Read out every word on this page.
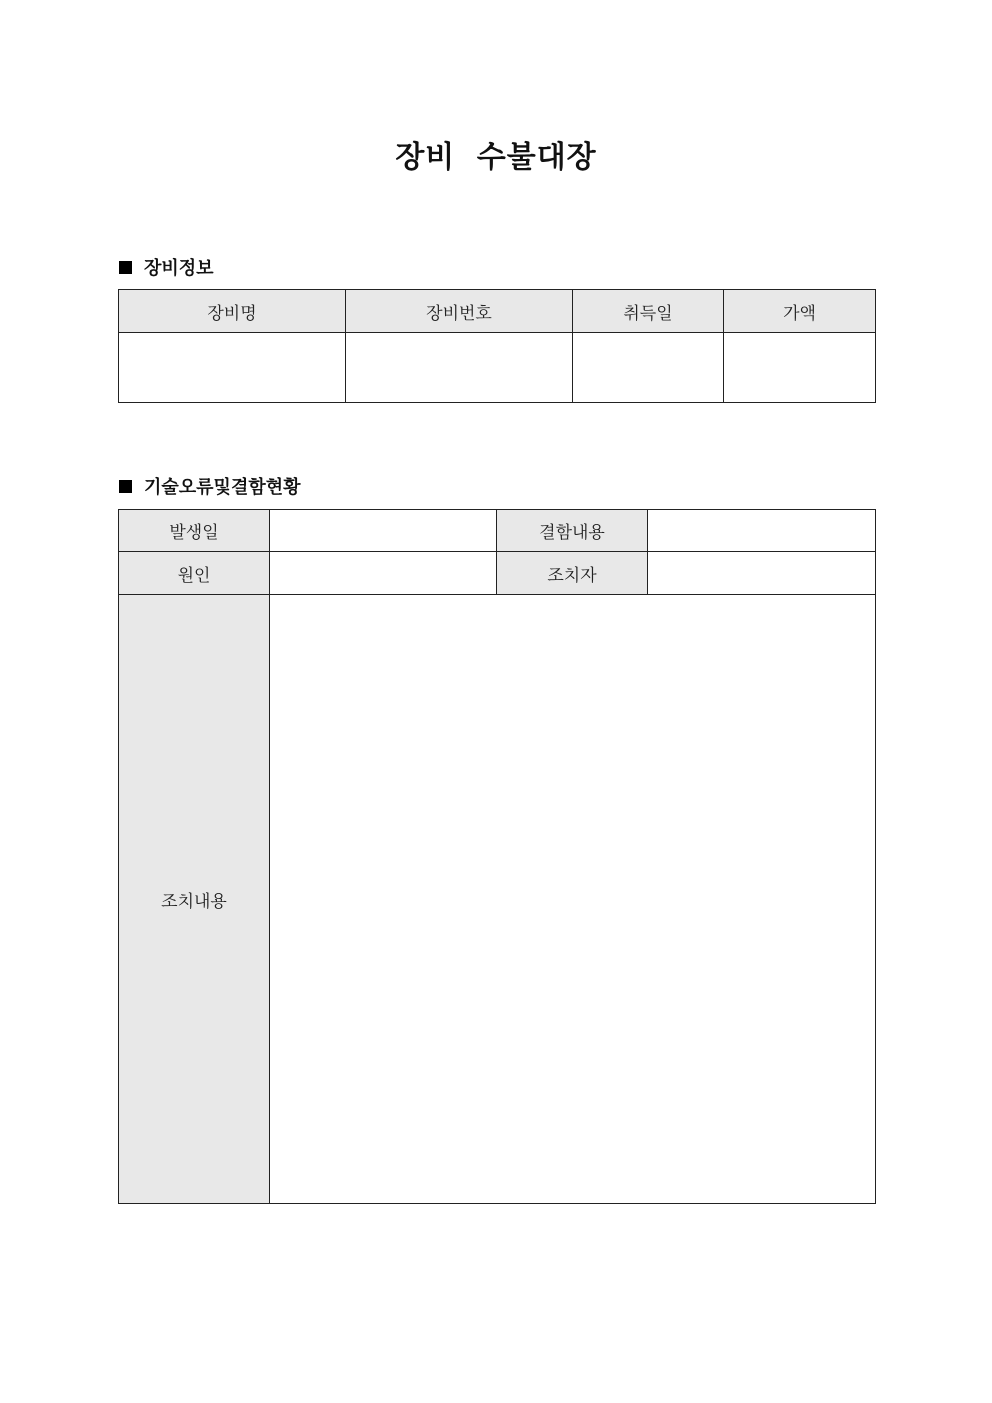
장비 수불대장
장비정보
장비명	장비번호	취득일	가액

기술오류및결함현황
발생일		결함내용	
원인		조치자	
조치내용			
